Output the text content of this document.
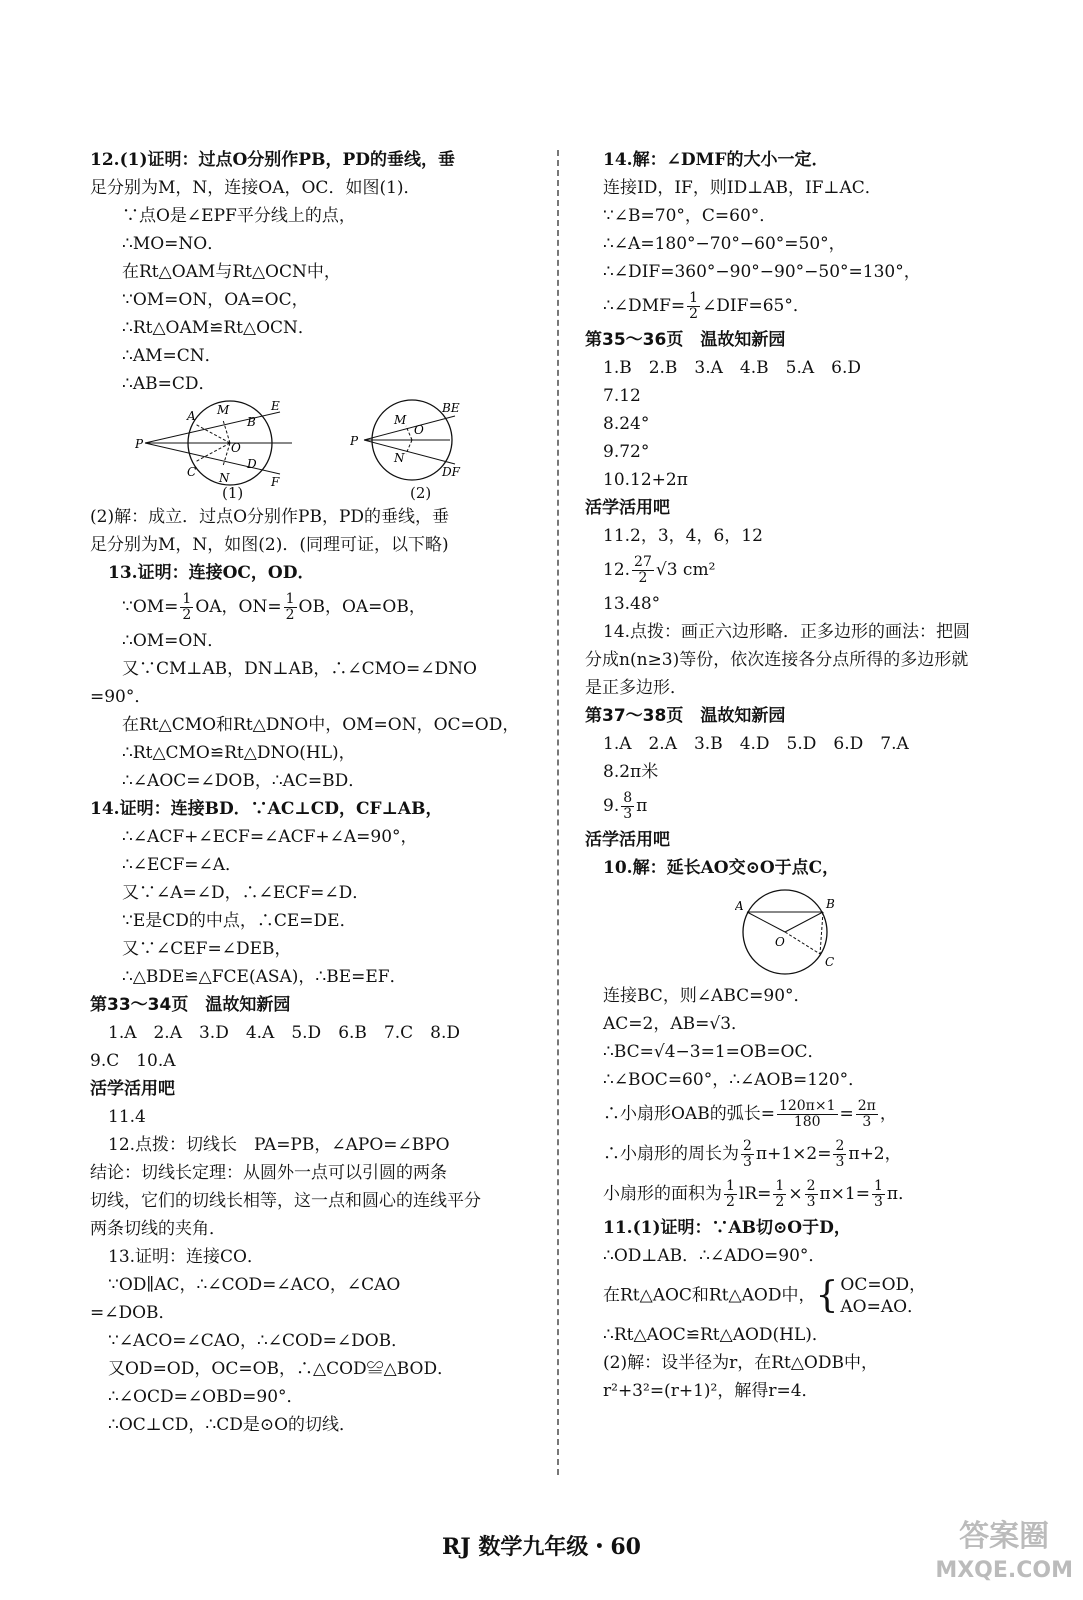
12.(1)证明：过点O分别作PB，PD的垂线，垂
足分别为M，N，连接OA，OC．如图(1)．
∵点O是∠EPF平分线上的点，
∴MO=NO．
在Rt△OAM与Rt△OCN中，
∵OM=ON，OA=OC，
∴Rt△OAM≌Rt△OCN．
∴AM=CN．
∴AB=CD．
P
A M
B
E
O
C N
D
F
(1)
P
M
O
BE
N
DF
(2)
(2)解：成立．过点O分别作PB，PD的垂线，垂
足分别为M，N，如图(2)．(同理可证，以下略)
13.证明：连接OC，OD．
∵OM= $\frac{1}{2}$ OA，$ON= \frac{1}{2}$ OB，OA=OB，
∴OM=ON．
又∵CM⊥AB，DN⊥AB，∴∠CMO=∠DNO
=90°．
在Rt△CMO和Rt△DNO中，OM=ON，OC=OD，
∴Rt△CMO≌Rt△DNO(HL)，
∴∠AOC=∠DOB，∴AC=BD．
14.证明：连接BD．∵AC⊥CD，CF⊥AB，
∴∠ACF+∠ECF=∠ACF+∠A=90°，
∴∠ECF=∠A．
又∵∠A=∠D，∴∠ECF=∠D．
∵E是CD的中点，∴CE=DE．
又∵∠CEF=∠DEB，
∴△BDE≌△FCE(ASA)，∴BE=EF．
第33～34页　温故知新园
1.A　2.A　3.D　4.A　5.D　6.B　7.C　8.D
9.C　10.A
活学活用吧
11.4
12.点拨：切线长　PA=PB，∠APO=∠BPO
结论：切线长定理：从圆外一点可以引圆的两条
切线，它们的切线长相等，这一点和圆心的连线平分
两条切线的夹角．
13.证明：连接CO．
∵OD∥AC，∴∠COD=∠ACO，∠CAO
=∠DOB．
∵∠ACO=∠CAO，∴∠COD=∠DOB．
又OD=OD，OC=OB，∴△COD≌△BOD．
∴∠OCD=∠OBD=90°．
∴OC⊥CD，∴CD是⊙O的切线．
14.解：∠DMF的大小一定．
连接ID，IF，则ID⊥AB，IF⊥AC．
∵∠B=70°，C=60°．
∴∠A=180°−70°−60°=50°，
∴∠DIF=360°−90°−90°−50°=130°，
∴∠DMF= $\frac{1}{2}$ ∠DIF=65°．
第35～36页　温故知新园
1.B　2.B　3.A　4.B　5.A　6.D
7.12
8.24°
9.72°
10.12+2π
活学活用吧
11.2，3，4，6，12
12. $\frac{27}{2} √3$ cm²
13.48°
14.点拨：画正六边形略．正多边形的画法：把圆
分成n(n≥3)等份，依次连接各分点所得的多边形就
是正多边形．
第37～38页　温故知新园
1.A　2.A　3.B　4.D　5.D　6.D　7.A
8.2π米
9. $\frac{8}{3}$ π
活学活用吧
10.解：延长AO交⊙O于点C，
A	B
O
C
连接BC，则∠ABC=90°．
AC=2，AB=√3．
∴BC=√4−3=1=OB=OC．
∴∠BOC=60°，∴∠AOB=120°．
∴小扇形OAB的弧长= $\frac{120\pi\times 1}{180} = \frac{2\pi}{3}$ ，
∴小扇形的周长为 $\frac{2}{3} \pi+1\times 2= \frac{2}{3} \pi+2$，
小扇形的面积为 $\frac{1}{2} lR= \frac{1}{2} \times \frac{2}{3} \pi\times 1= \frac{1}{3}$ π．
11.(1)证明：∵AB切⊙O于D，
∴OD⊥AB．∴∠ADO=90°．
在Rt△AOC和Rt△AOD中，{ OC=OD，
AO=AO．
∴Rt△AOC≌Rt△AOD(HL)．
(2)解：设半径为r，在Rt△ODB中，
r²+3²=(r+1)²，解得r=4．
RJ 数学九年级・60	答案圈
MXQE.COM
